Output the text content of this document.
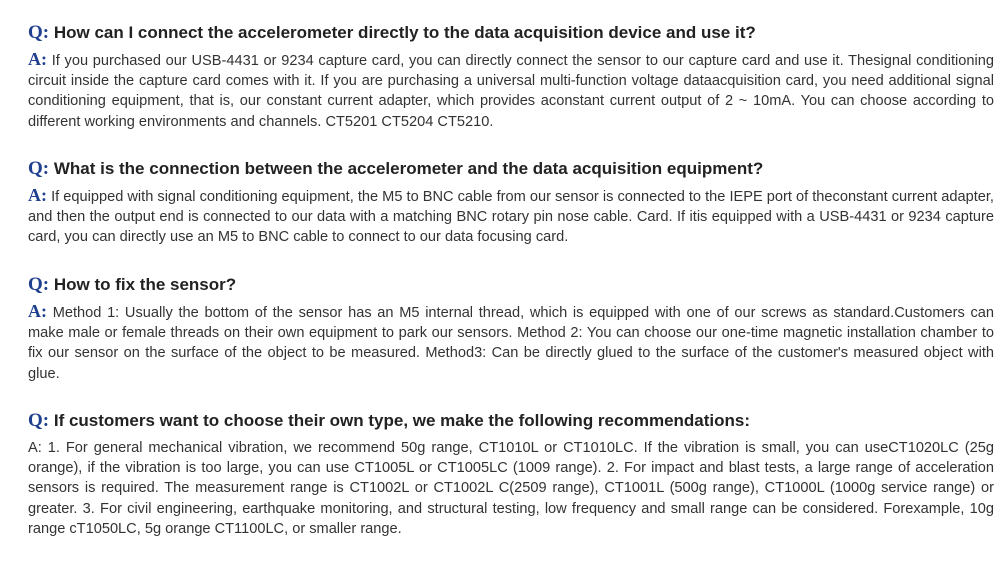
Q: How can I connect the accelerometer directly to the data acquisition device and use it?
A: If you purchased our USB-4431 or 9234 capture card, you can directly connect the sensor to our capture card and use it. Thesignal conditioning circuit inside the capture card comes with it. If you are purchasing a universal multi-function voltage dataacquisition card, you need additional signal conditioning equipment, that is, our constant current adapter, which provides aconstant current output of 2 ~ 10mA. You can choose according to different working environments and channels. CT5201 CT5204 CT5210.
Q: What is the connection between the accelerometer and the data acquisition equipment?
A: If equipped with signal conditioning equipment, the M5 to BNC cable from our sensor is connected to the IEPE port of theconstant current adapter, and then the output end is connected to our data with a matching BNC rotary pin nose cable. Card. If itis equipped with a USB-4431 or 9234 capture card, you can directly use an M5 to BNC cable to connect to our data focusing card.
Q: How to fix the sensor?
A: Method 1: Usually the bottom of the sensor has an M5 internal thread, which is equipped with one of our screws as standard.Customers can make male or female threads on their own equipment to park our sensors. Method 2: You can choose our one-time magnetic installation chamber to fix our sensor on the surface of the object to be measured. Method3: Can be directly glued to the surface of the customer's measured object with glue.
Q: If customers want to choose their own type, we make the following recommendations:
A: 1. For general mechanical vibration, we recommend 50g range, CT1010L or CT1010LC. If the vibration is small, you can useCT1020LC (25g orange), if the vibration is too large, you can use CT1005L or CT1005LC (1009 range). 2. For impact and blast tests, a large range of acceleration sensors is required. The measurement range is CT1002L or CT1002L C(2509 range), CT1001L (500g range), CT1000L (1000g service range) or greater. 3. For civil engineering, earthquake monitoring, and structural testing, low frequency and small range can be considered. Forexample, 10g range cT1050LC, 5g orange CT1100LC, or smaller range.
